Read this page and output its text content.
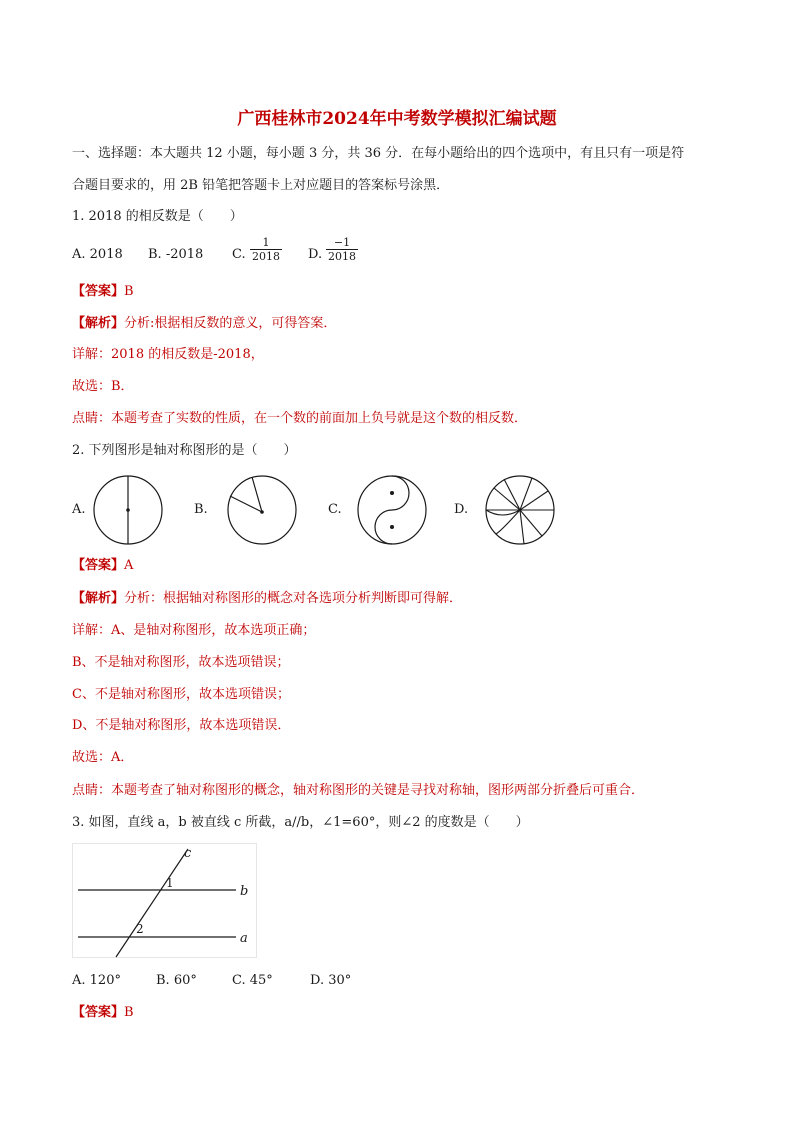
广西桂林市2024年中考数学模拟汇编试题
一、选择题：本大题共 12 小题，每小题 3 分，共 36 分．在每小题给出的四个选项中，有且只有一项是符
合题目要求的，用 2B 铅笔把答题卡上对应题目的答案标号涂黑．
1. 2018 的相反数是（　　）
A. 2018 B. -2018 C. $\frac{1}{2018} D$. $\frac{-1}{2018}$
【答案】B
【解析】分析:根据相反数的意义，可得答案．
详解：2018 的相反数是-2018，
故选：B．
点睛：本题考查了实数的性质，在一个数的前面加上负号就是这个数的相反数．
2. 下列图形是轴对称图形的是（　　）
A.	B.	C.	D.
【答案】A
【解析】分析：根据轴对称图形的概念对各选项分析判断即可得解．
详解：A、是轴对称图形，故本选项正确；
B、不是轴对称图形，故本选项错误；
C、不是轴对称图形，故本选项错误；
D、不是轴对称图形，故本选项错误．
故选：A．
点睛：本题考查了轴对称图形的概念，轴对称图形的关键是寻找对称轴，图形两部分折叠后可重合．
3. 如图，直线 a，b 被直线 c 所截，a//b，∠1=60°，则∠2 的度数是（　　）
c
b
a
1
2
A. 120°	B. 60°	C. 45°	D. 30°
【答案】B
